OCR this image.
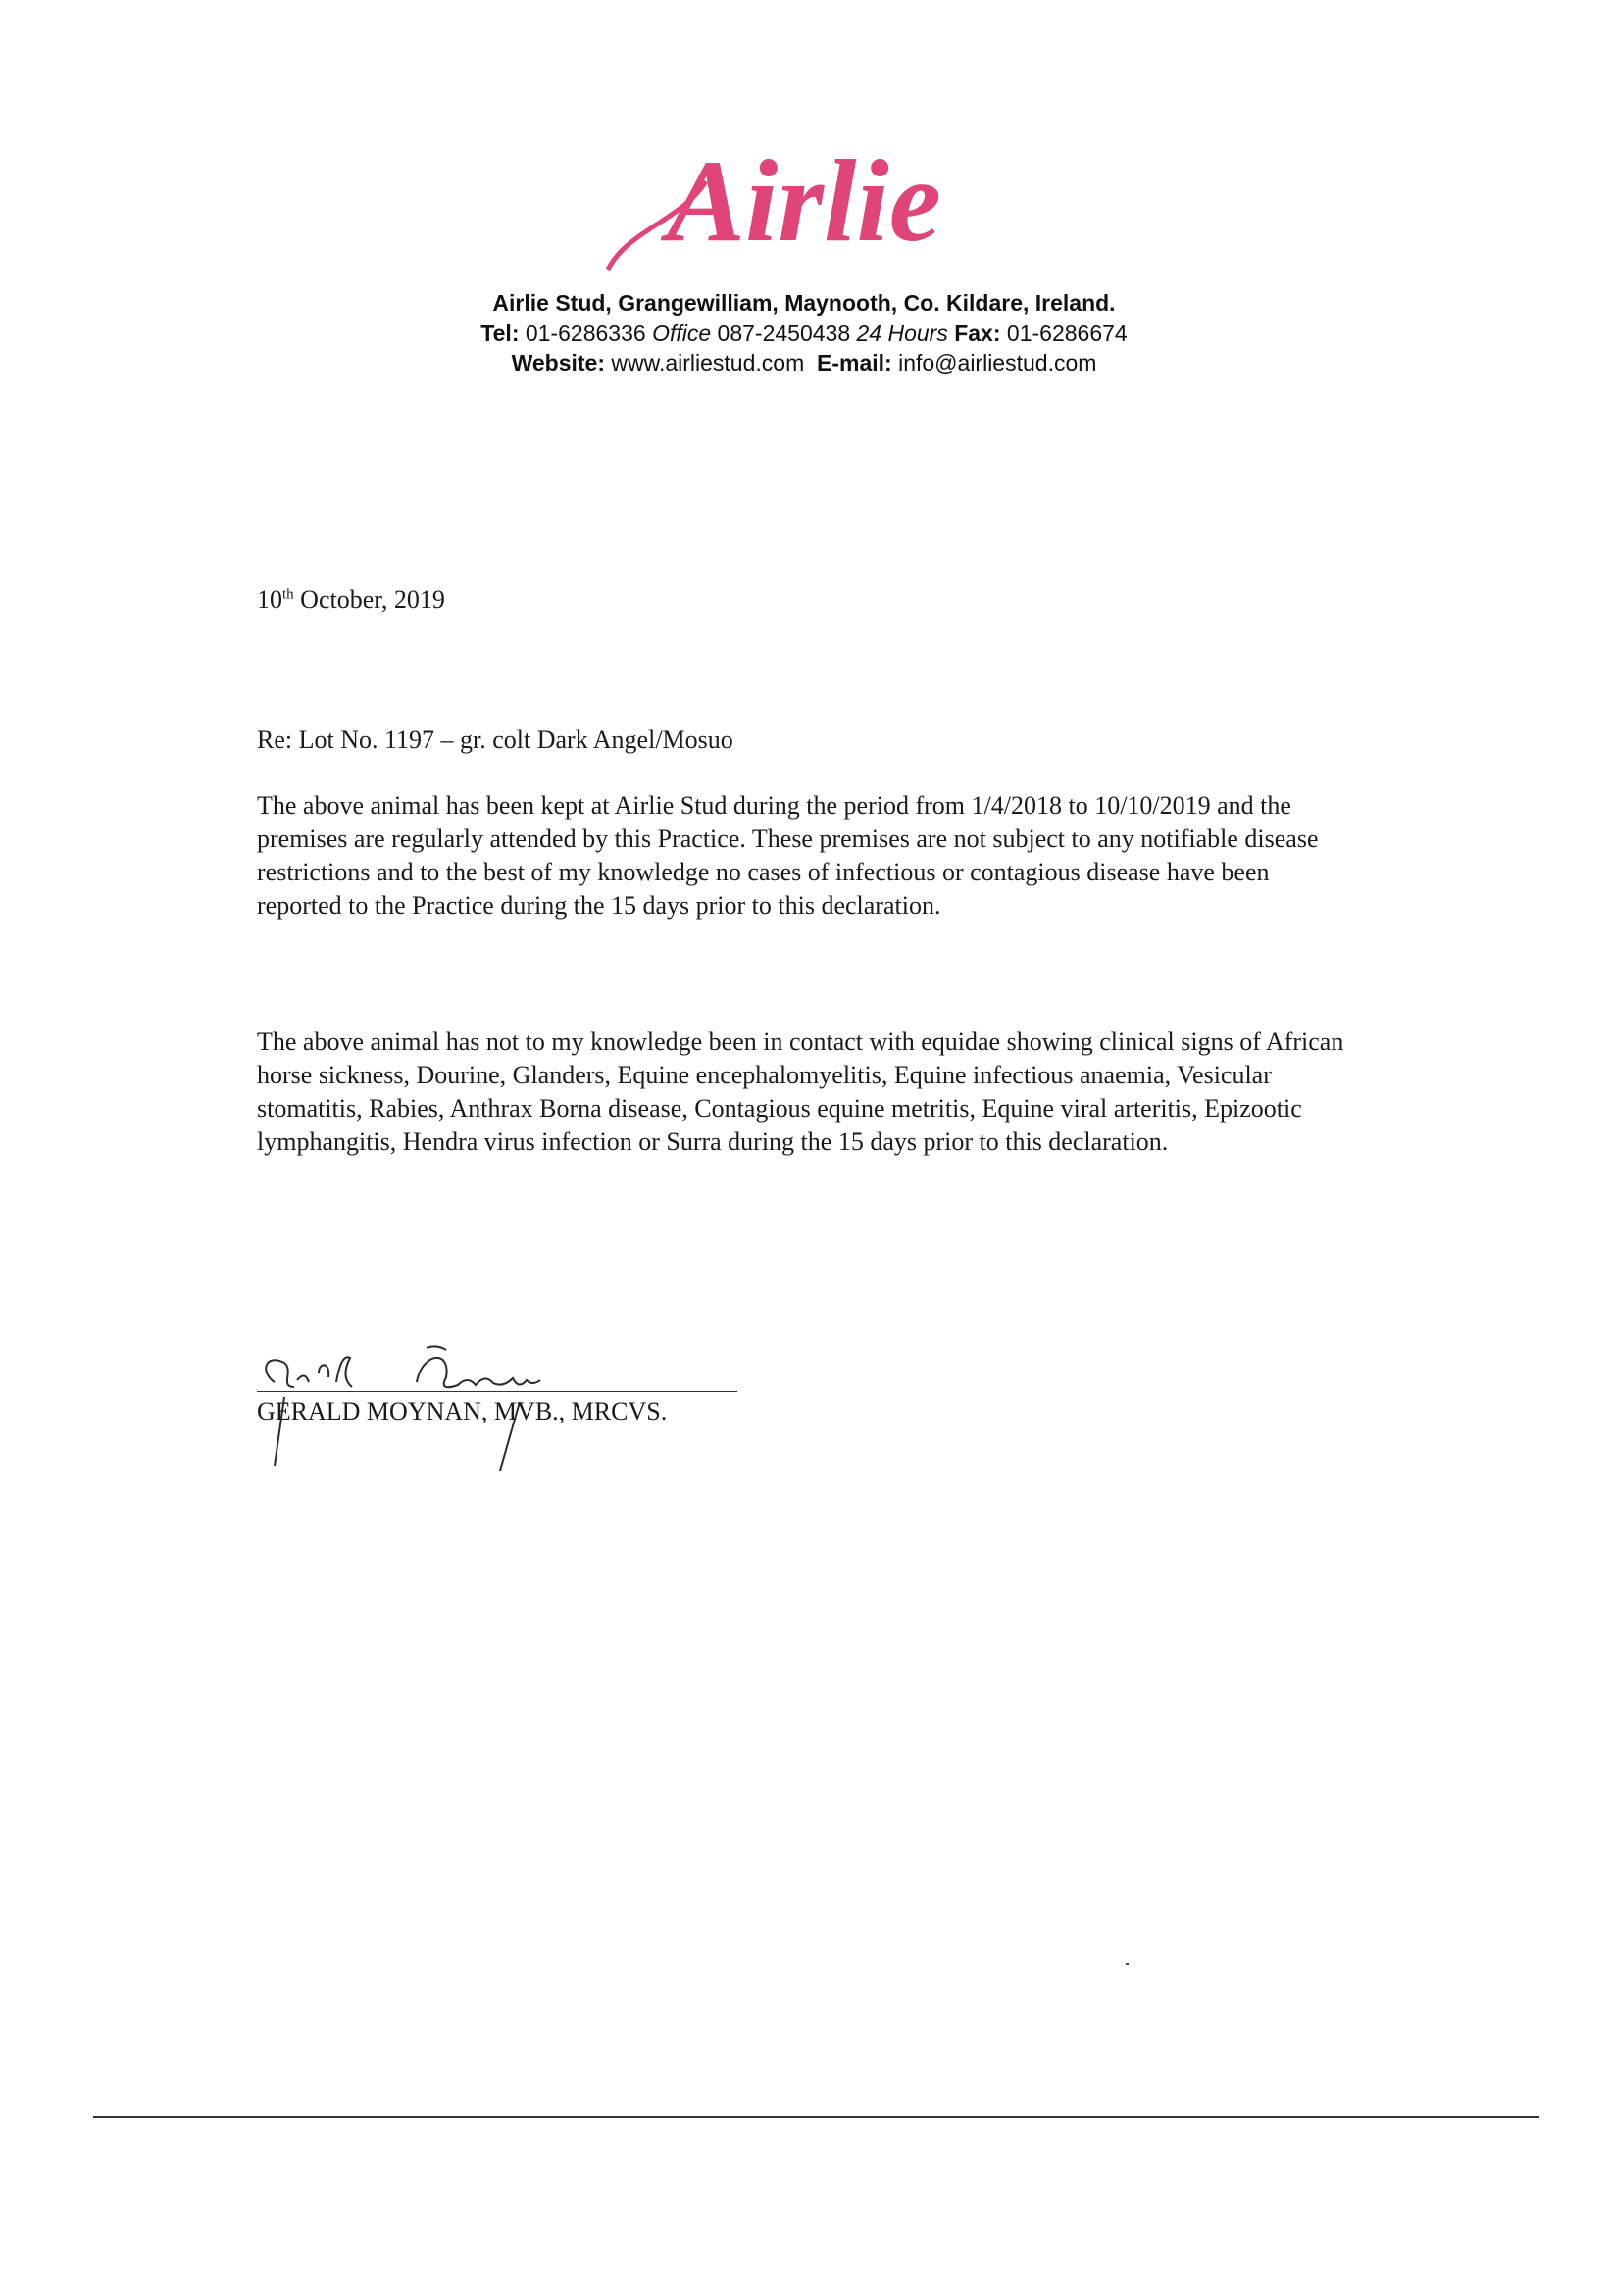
Airlie
Airlie Stud, Grangewilliam, Maynooth, Co. Kildare, Ireland.
Tel: 01-6286336 Office 087-2450438 24 Hours Fax: 01-6286674
Website: www.airliestud.com E-mail: info@airliestud.com
10th October, 2019
Re: Lot No. 1197 – gr. colt Dark Angel/Mosuo

The above animal has been kept at Airlie Stud during the period from 1/4/2018 to 10/10/2019 and the premises are regularly attended by this Practice. These premises are not subject to any notifiable disease restrictions and to the best of my knowledge no cases of infectious or contagious disease have been reported to the Practice during the 15 days prior to this declaration.

The above animal has not to my knowledge been in contact with equidae showing clinical signs of African horse sickness, Dourine, Glanders, Equine encephalomyelitis, Equine infectious anaemia, Vesicular stomatitis, Rabies, Anthrax Borna disease, Contagious equine metritis, Equine viral arteritis, Epizootic lymphangitis, Hendra virus infection or Surra during the 15 days prior to this declaration.

GERALD MOYNAN, MVB., MRCVS.
